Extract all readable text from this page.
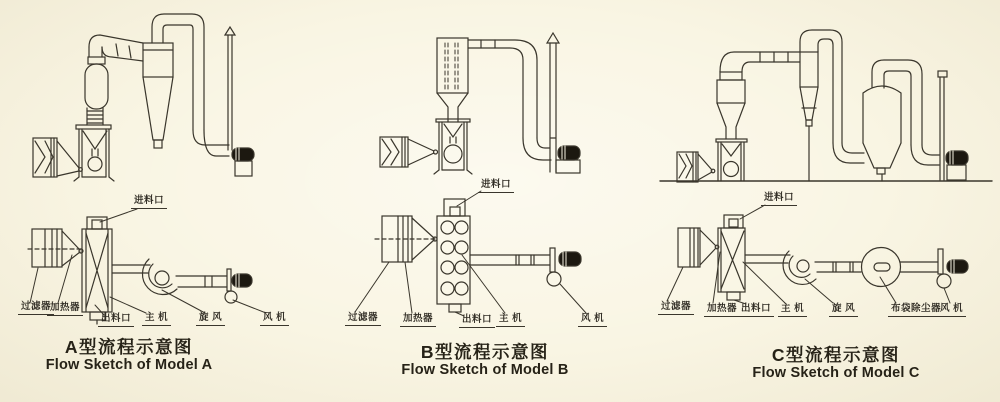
进料口
过滤器
加热器
出料口	主 机	旋 风	风 机
进料口
过滤器	加热器	出料口 主 机	风 机
进料口
过滤器	加热器 出料口	主 机	旋 风	布袋除尘器
风 机
A型流程示意图
Flow Sketch of Model A
B型流程示意图
Flow Sketch of Model B
C型流程示意图
Flow Sketch of Model C
